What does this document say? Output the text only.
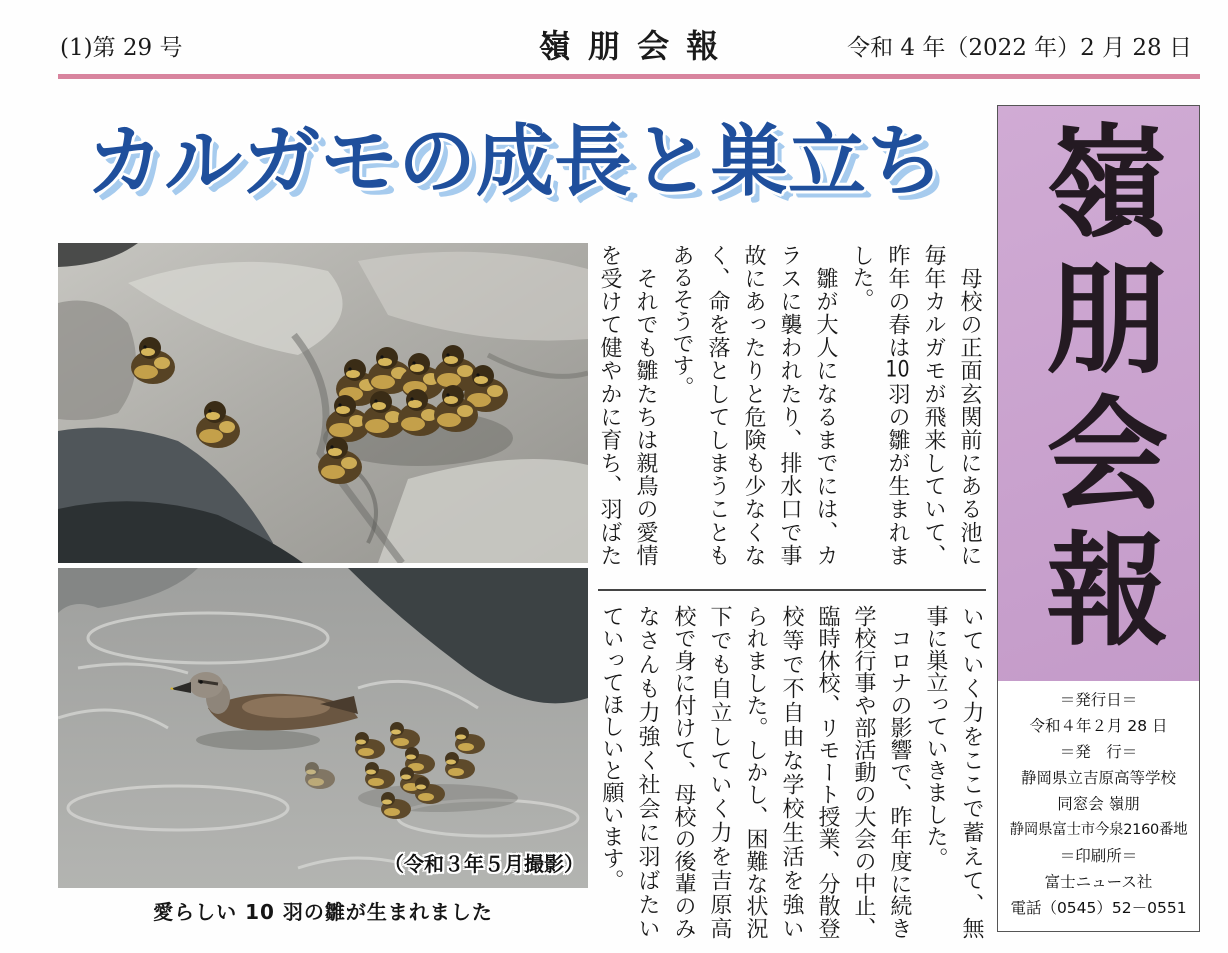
(1)第 29 号	嶺 朋 会 報	令和 4 年（2022 年）2 月 28 日
カルガモの成長と巣立ち
（令和３年５月撮影）
愛らしい 10 羽の雛が生まれました
　母校の正面玄関前にある池に
毎年カルガモが飛来していて、
昨年の春は10羽の雛が生まれま
した。
　雛が大人になるまでには、カ
ラスに襲われたり、排水口で事
故にあったりと危険も少なくな
く、命を落としてしまうことも
あるそうです。
　それでも雛たちは親鳥の愛情
を受けて健やかに育ち、羽ばた
いていく力をここで蓄えて、無
事に巣立っていきました。
　コロナの影響で、昨年度に続き
学校行事や部活動の大会の中止、
臨時休校、リモート授業、分散登
校等で不自由な学校生活を強い
られました。しかし、困難な状況
下でも自立していく力を吉原高
校で身に付けて、母校の後輩のみ
なさんも力強く社会に羽ばたい
ていってほしいと願います。
嶺朋会報
＝発行日＝
令和４年２月 28 日
＝発　行＝
静岡県立吉原高等学校
同窓会 嶺朋
静岡県富士市今泉2160番地
＝印刷所＝
富士ニュース社
電話（0545）52－0551
